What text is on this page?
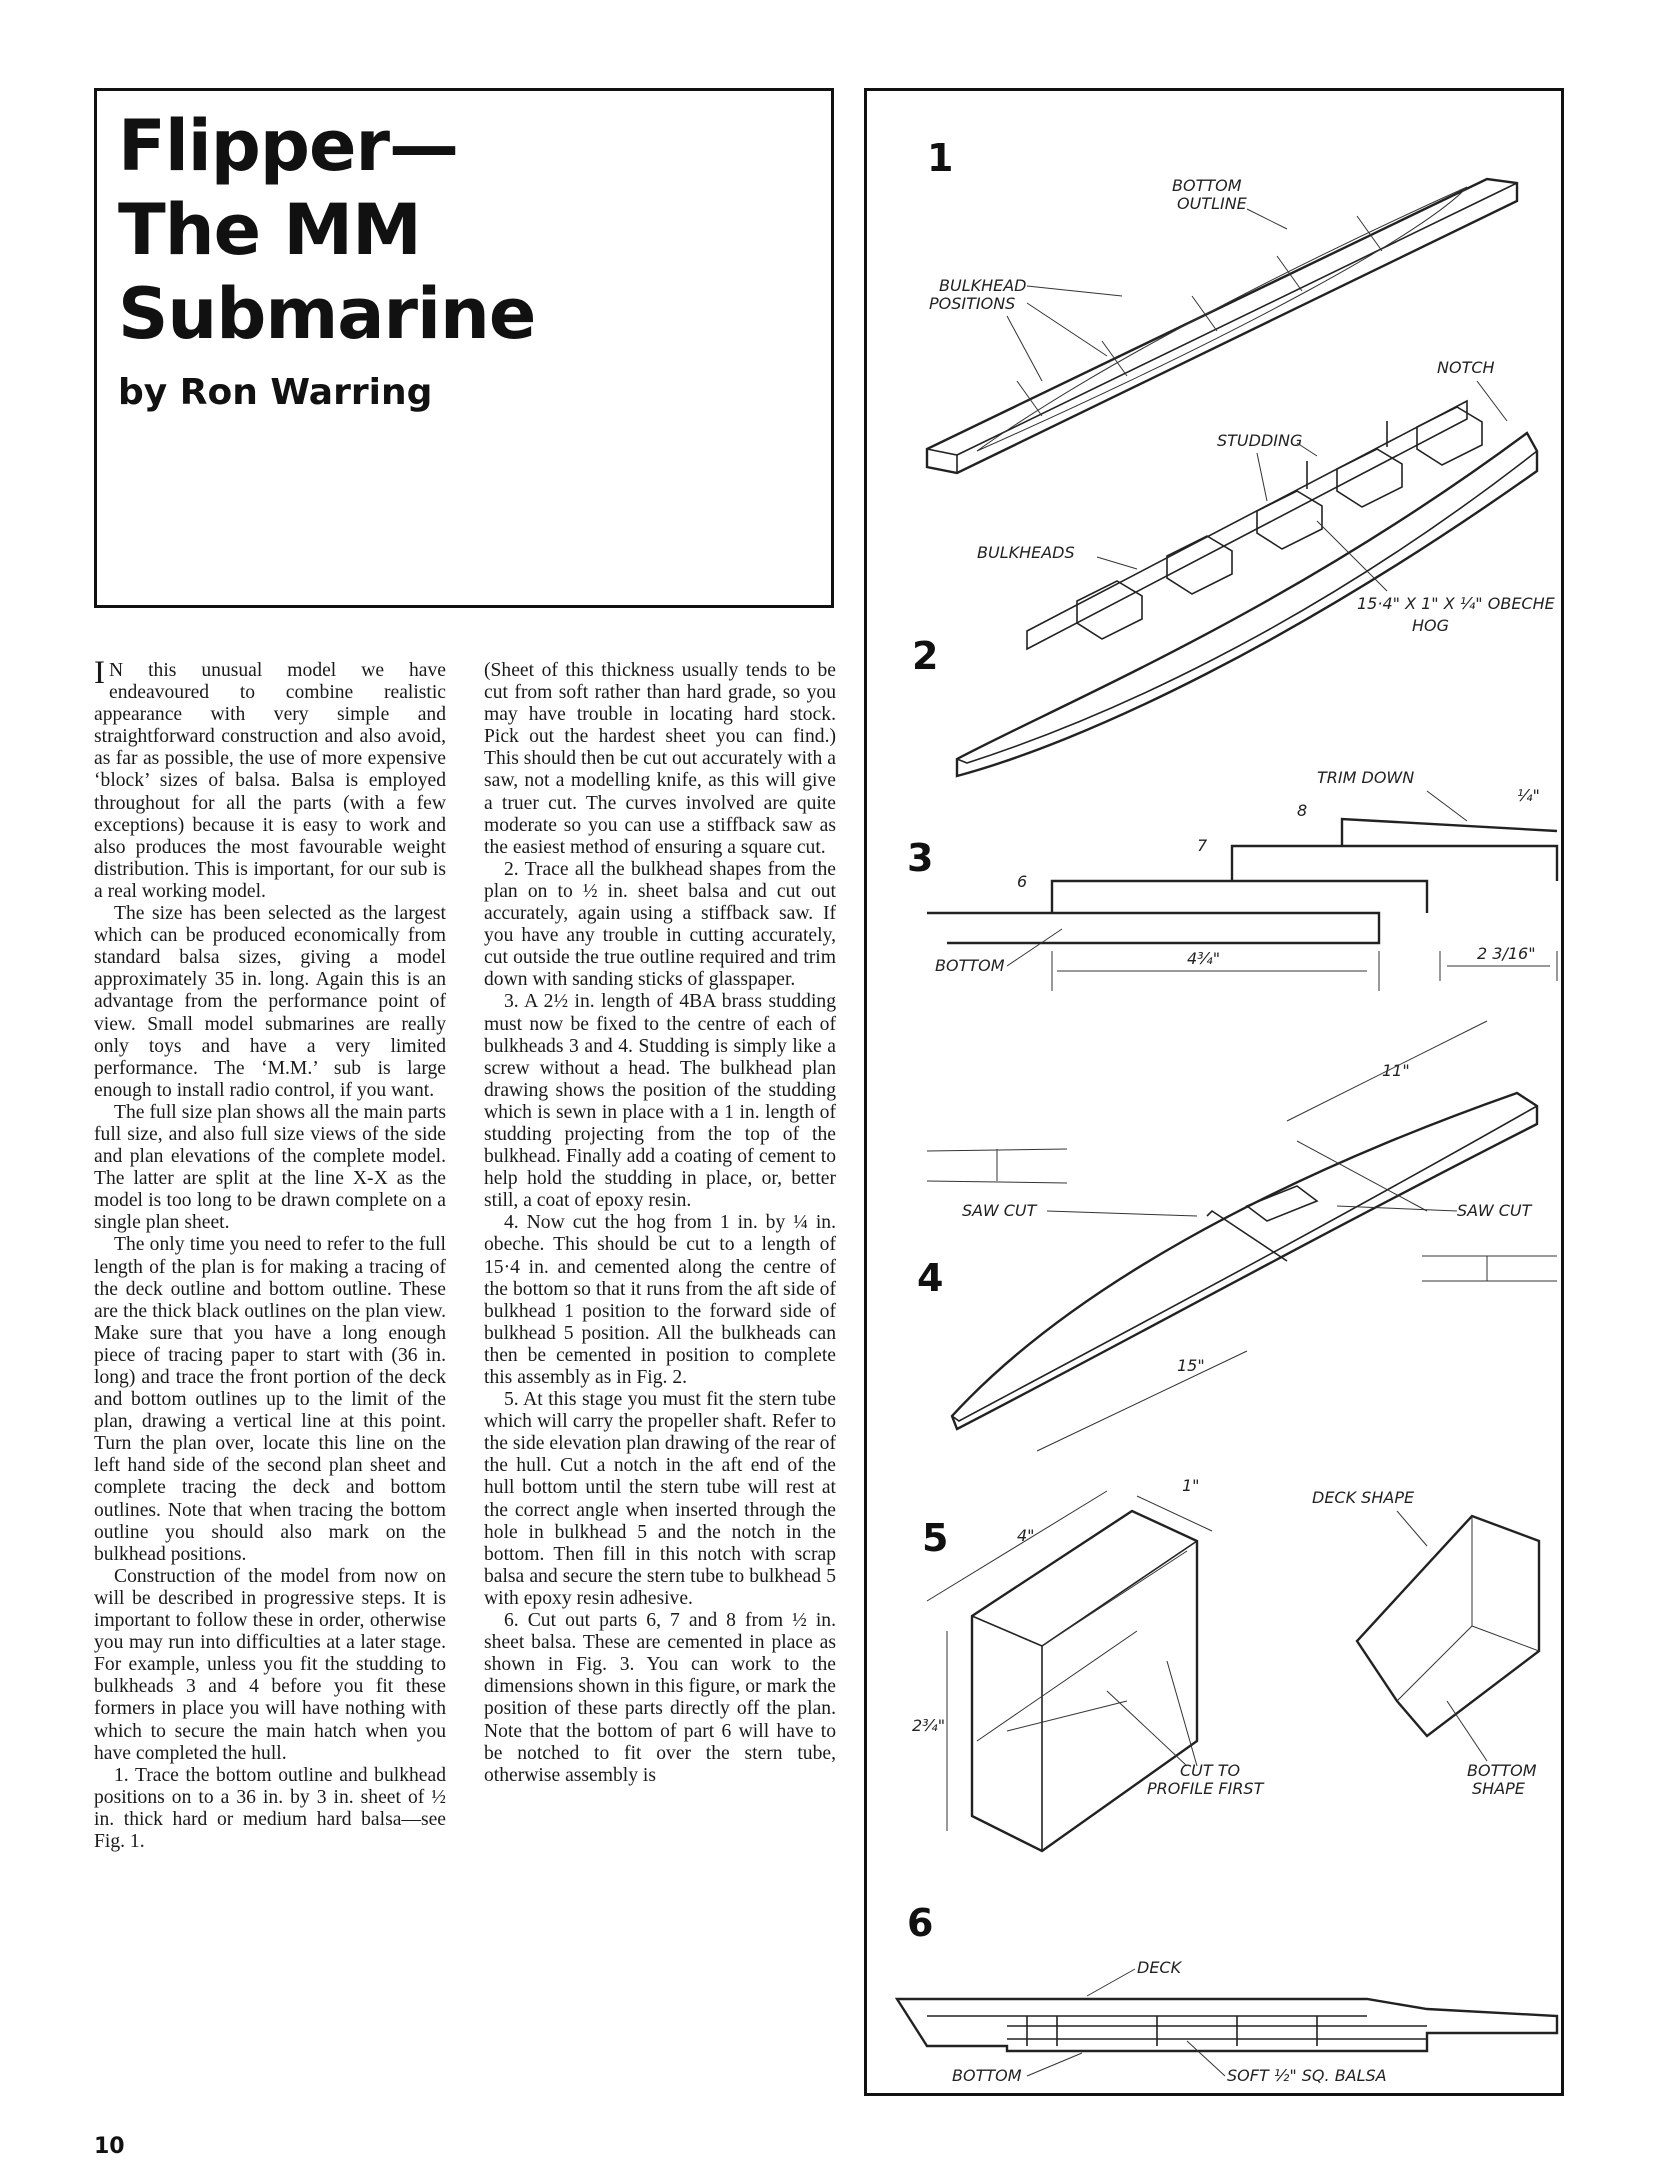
Flipper—
The MM
Submarine

by Ron Warring

I N this unusual model we have endeavoured to combine realistic appearance with very simple and straightforward construction and also avoid, as far as possible, the use of more expensive ‘block’ sizes of balsa. Balsa is employed throughout for all the parts (with a few exceptions) because it is easy to work and also produces the most favourable weight distribution. This is important, for our sub is a real working model.

The size has been selected as the largest which can be produced economically from standard balsa sizes, giving a model approximately 35 in. long. Again this is an advantage from the performance point of view. Small model submarines are really only toys and have a very limited performance. The ‘M.M.’ sub is large enough to install radio control, if you want.

The full size plan shows all the main parts full size, and also full size views of the side and plan elevations of the complete model. The latter are split at the line X-X as the model is too long to be drawn complete on a single plan sheet.

The only time you need to refer to the full length of the plan is for making a tracing of the deck outline and bottom outline. These are the thick black outlines on the plan view. Make sure that you have a long enough piece of tracing paper to start with (36 in. long) and trace the front portion of the deck and bottom outlines up to the limit of the plan, drawing a vertical line at this point. Turn the plan over, locate this line on the left hand side of the second plan sheet and complete tracing the deck and bottom outlines. Note that when tracing the bottom outline you should also mark on the bulkhead positions.

Construction of the model from now on will be described in progressive steps. It is important to follow these in order, otherwise you may run into difficulties at a later stage. For example, unless you fit the studding to bulkheads 3 and 4 before you fit these formers in place you will have nothing with which to secure the main hatch when you have completed the hull.

1. Trace the bottom outline and bulkhead positions on to a 36 in. by 3 in. sheet of ½ in. thick hard or medium hard balsa—see Fig. 1.

(Sheet of this thickness usually tends to be cut from soft rather than hard grade, so you may have trouble in locating hard stock. Pick out the hardest sheet you can find.) This should then be cut out accurately with a saw, not a modelling knife, as this will give a truer cut. The curves involved are quite moderate so you can use a stiffback saw as the easiest method of ensuring a square cut.

2. Trace all the bulkhead shapes from the plan on to ½ in. sheet balsa and cut out accurately, again using a stiffback saw. If you have any trouble in cutting accurately, cut outside the true outline required and trim down with sanding sticks of glasspaper.

3. A 2½ in. length of 4BA brass studding must now be fixed to the centre of each of bulkheads 3 and 4. Studding is simply like a screw without a head. The bulkhead plan drawing shows the position of the studding which is sewn in place with a 1 in. length of studding projecting from the top of the bulkhead. Finally add a coating of cement to help hold the studding in place, or, better still, a coat of epoxy resin.

4. Now cut the hog from 1 in. by ¼ in. obeche. This should be cut to a length of 15·4 in. and cemented along the centre of the bottom so that it runs from the aft side of bulkhead 1 position to the forward side of bulkhead 5 position. All the bulkheads can then be cemented in position to complete this assembly as in Fig. 2.

5. At this stage you must fit the stern tube which will carry the propeller shaft. Refer to the side elevation plan drawing of the rear of the hull. Cut a notch in the aft end of the hull bottom until the stern tube will rest at the correct angle when inserted through the hole in bulkhead 5 and the notch in the bottom. Then fill in this notch with scrap balsa and secure the stern tube to bulkhead 5 with epoxy resin adhesive.

6. Cut out parts 6, 7 and 8 from ½ in. sheet balsa. These are cemented in place as shown in Fig. 3. You can work to the dimensions shown in this figure, or mark the position of these parts directly off the plan. Note that the bottom of part 6 will have to be notched to fit over the stern tube, otherwise assembly is

1
BOTTOM
OUTLINE
BULKHEAD
POSITIONS
2
NOTCH
STUDDING
BULKHEADS
15·4" X 1" X ¼" OBECHE
HOG
3
TRIM DOWN
¼"
8
7
6
BOTTOM	4¾"	2 3/16"
4
11"
SAW CUT	SAW CUT
15"
5	4"
1"
2¾"
DECK SHAPE
CUT TO
PROFILE FIRST
BOTTOM
SHAPE
6
DECK
BOTTOM	SOFT ½" SQ. BALSA
10
